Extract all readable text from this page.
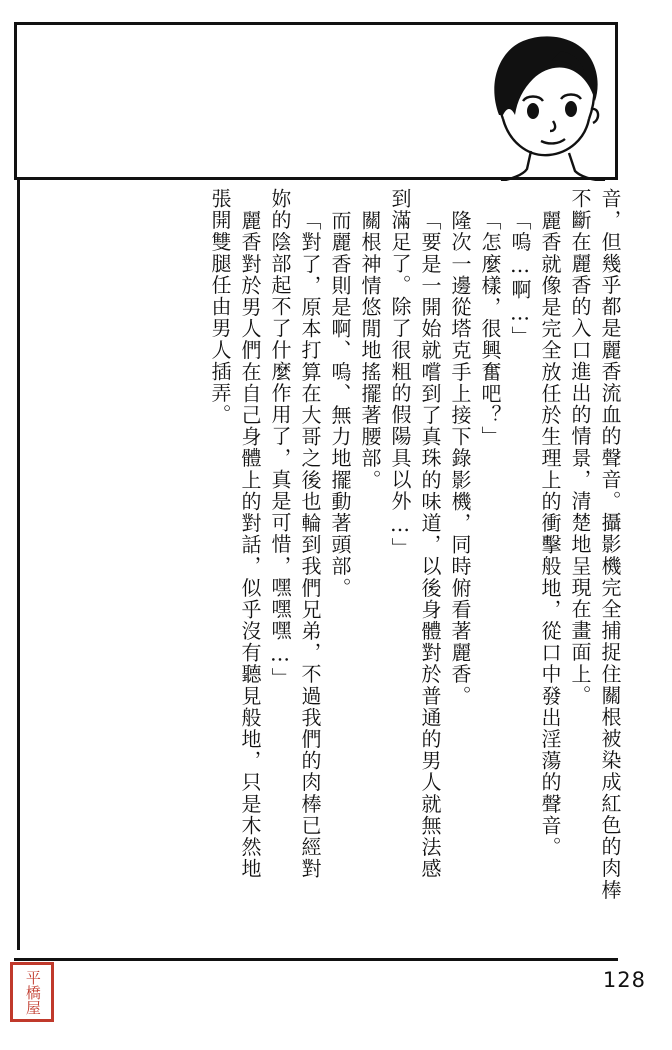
音，但幾乎都是麗香流血的聲音。攝影機完全捕捉住關根被染成紅色的肉棒
不斷在麗香的入口進出的情景，清楚地呈現在畫面上。
麗香就像是完全放任於生理上的衝擊般地，從口中發出淫蕩的聲音。
「嗚…啊…」
「怎麼樣，很興奮吧？」
隆次一邊從塔克手上接下錄影機，同時俯看著麗香。
「要是一開始就嚐到了真珠的味道，以後身體對於普通的男人就無法感
到滿足了。除了很粗的假陽具以外…」
關根神情悠閒地搖擺著腰部。
而麗香則是啊、嗚、無力地擺動著頭部。
「對了，原本打算在大哥之後也輪到我們兄弟，不過我們的肉棒已經對
妳的陰部起不了什麼作用了，真是可惜，嘿嘿嘿…」
麗香對於男人們在自己身體上的對話，似乎沒有聽見般地，只是木然地
張開雙腿任由男人插弄。
128
平橋屋
